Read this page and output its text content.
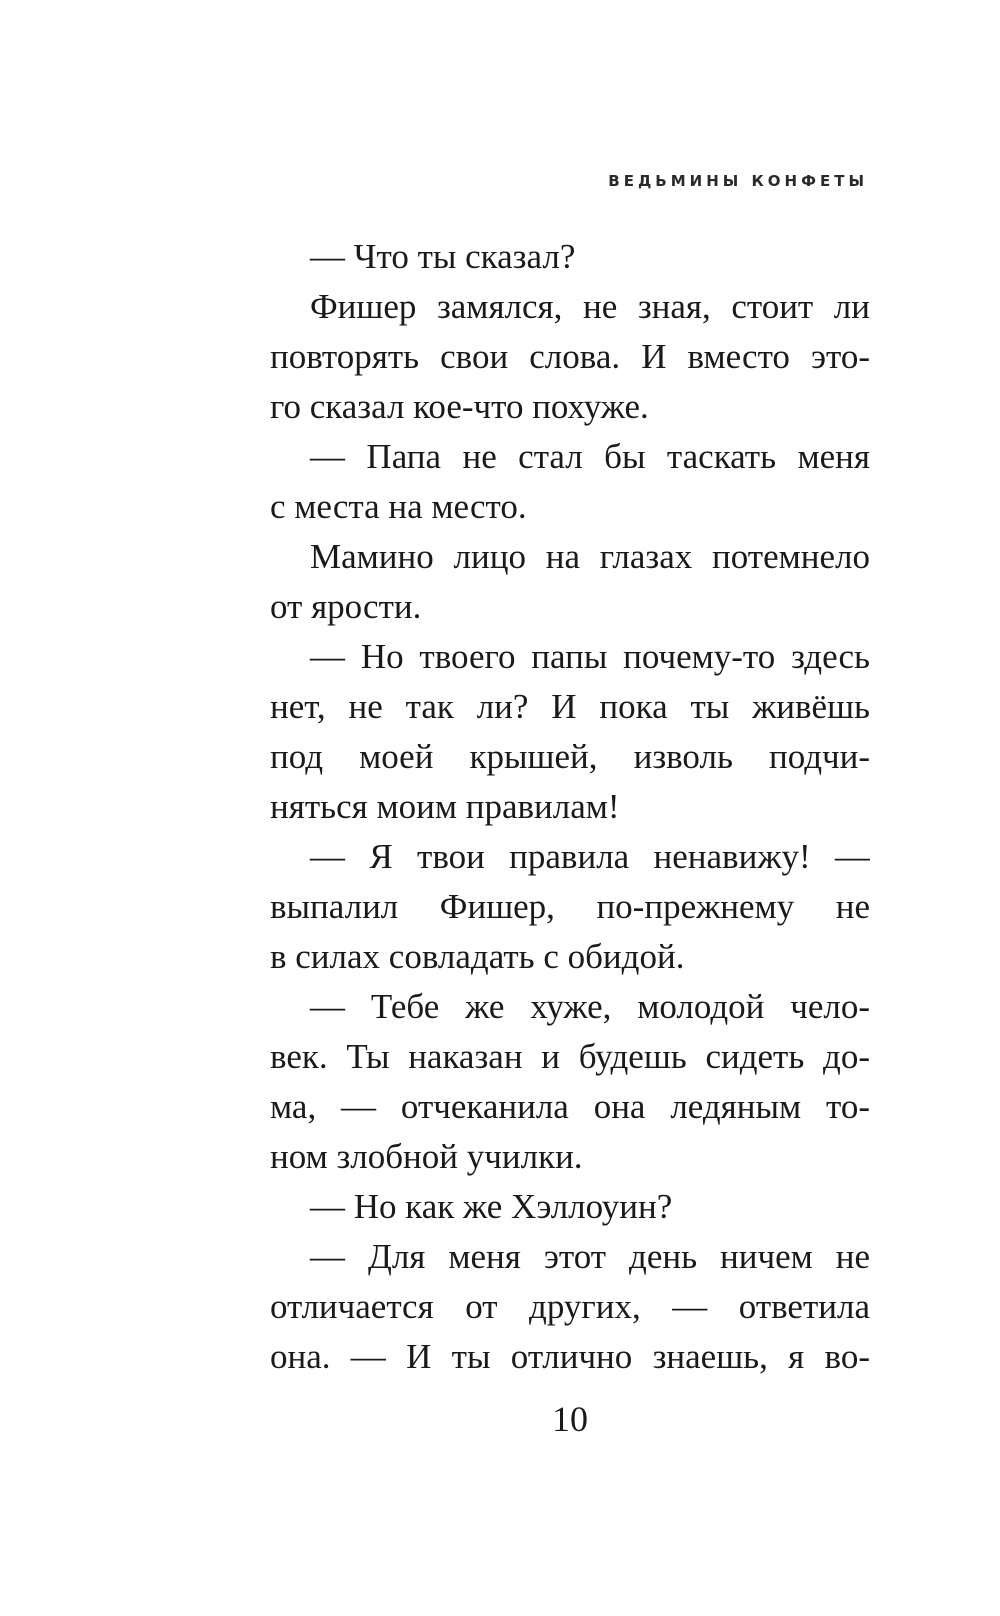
ВЕДЬМИНЫ КОНФЕТЫ
— Что ты сказал?
Фишер замялся, не зная, стоит ли
повторять свои слова. И вместо это-
го сказал кое-что похуже.
— Папа не стал бы таскать меня
с места на место.
Мамино лицо на глазах потемнело
от ярости.
— Но твоего папы почему-то здесь
нет, не так ли? И пока ты живёшь
под моей крышей, изволь подчи-
няться моим правилам!
— Я твои правила ненавижу! —
выпалил Фишер, по-прежнему не
в силах совладать с обидой.
— Тебе же хуже, молодой чело-
век. Ты наказан и будешь сидеть до-
ма, — отчеканила она ледяным то-
ном злобной училки.
— Но как же Хэллоуин?
— Для меня этот день ничем не
отличается от других, — ответила
она. — И ты отлично знаешь, я во-
10
